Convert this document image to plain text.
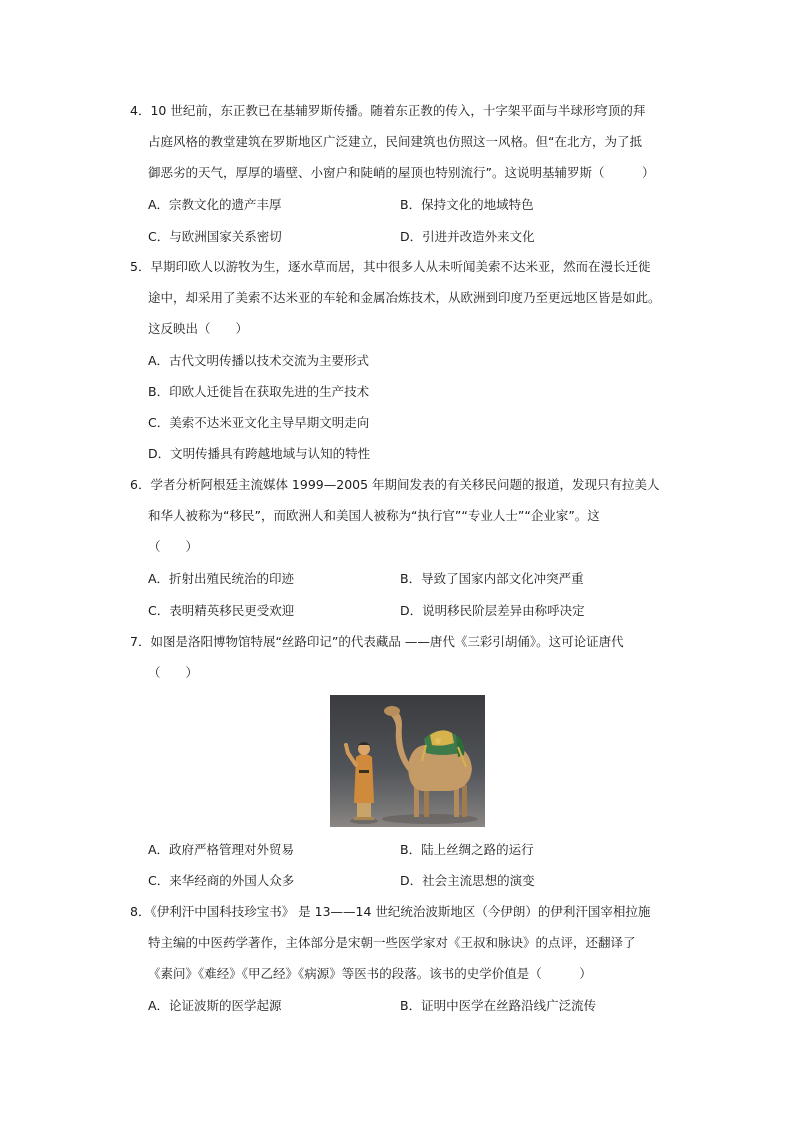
4．10 世纪前，东正教已在基辅罗斯传播。随着东正教的传入，十字架平面与半球形穹顶的拜
占庭风格的教堂建筑在罗斯地区广泛建立，民间建筑也仿照这一风格。但“在北方，为了抵
御恶劣的天气，厚厚的墙壁、小窗户和陡峭的屋顶也特别流行”。这说明基辅罗斯（　　　）
A．宗教文化的遗产丰厚	B．保持文化的地域特色
C．与欧洲国家关系密切	D．引进并改造外来文化
5．早期印欧人以游牧为生，逐水草而居，其中很多人从未听闻美索不达米亚，然而在漫长迁徙
途中，却采用了美索不达米亚的车轮和金属冶炼技术，从欧洲到印度乃至更远地区皆是如此。
这反映出（　　）
A．古代文明传播以技术交流为主要形式
B．印欧人迁徙旨在获取先进的生产技术
C．美索不达米亚文化主导早期文明走向
D．文明传播具有跨越地域与认知的特性
6．学者分析阿根廷主流媒体 1999—2005 年期间发表的有关移民问题的报道，发现只有拉美人
和华人被称为“移民”，而欧洲人和美国人被称为“执行官”“专业人士”“企业家”。这
（　　）
A．折射出殖民统治的印迹	B．导致了国家内部文化冲突严重
C．表明精英移民更受欢迎	D．说明移民阶层差异由称呼决定
7．如图是洛阳博物馆特展“丝路印记”的代表藏品 ——唐代《三彩引胡俑》。这可论证唐代
（　　）
A．政府严格管理对外贸易	B．陆上丝绸之路的运行
C．来华经商的外国人众多	D．社会主流思想的演变
8．《伊利汗中国科技珍宝书》 是 13——14 世纪统治波斯地区（今伊朗）的伊利汗国宰相拉施
特主编的中医药学著作，主体部分是宋朝一些医学家对《王叔和脉诀》的点评，还翻译了
《素问》《难经》《甲乙经》《病源》等医书的段落。该书的史学价值是（　　　）
A．论证波斯的医学起源	B．证明中医学在丝路沿线广泛流传
